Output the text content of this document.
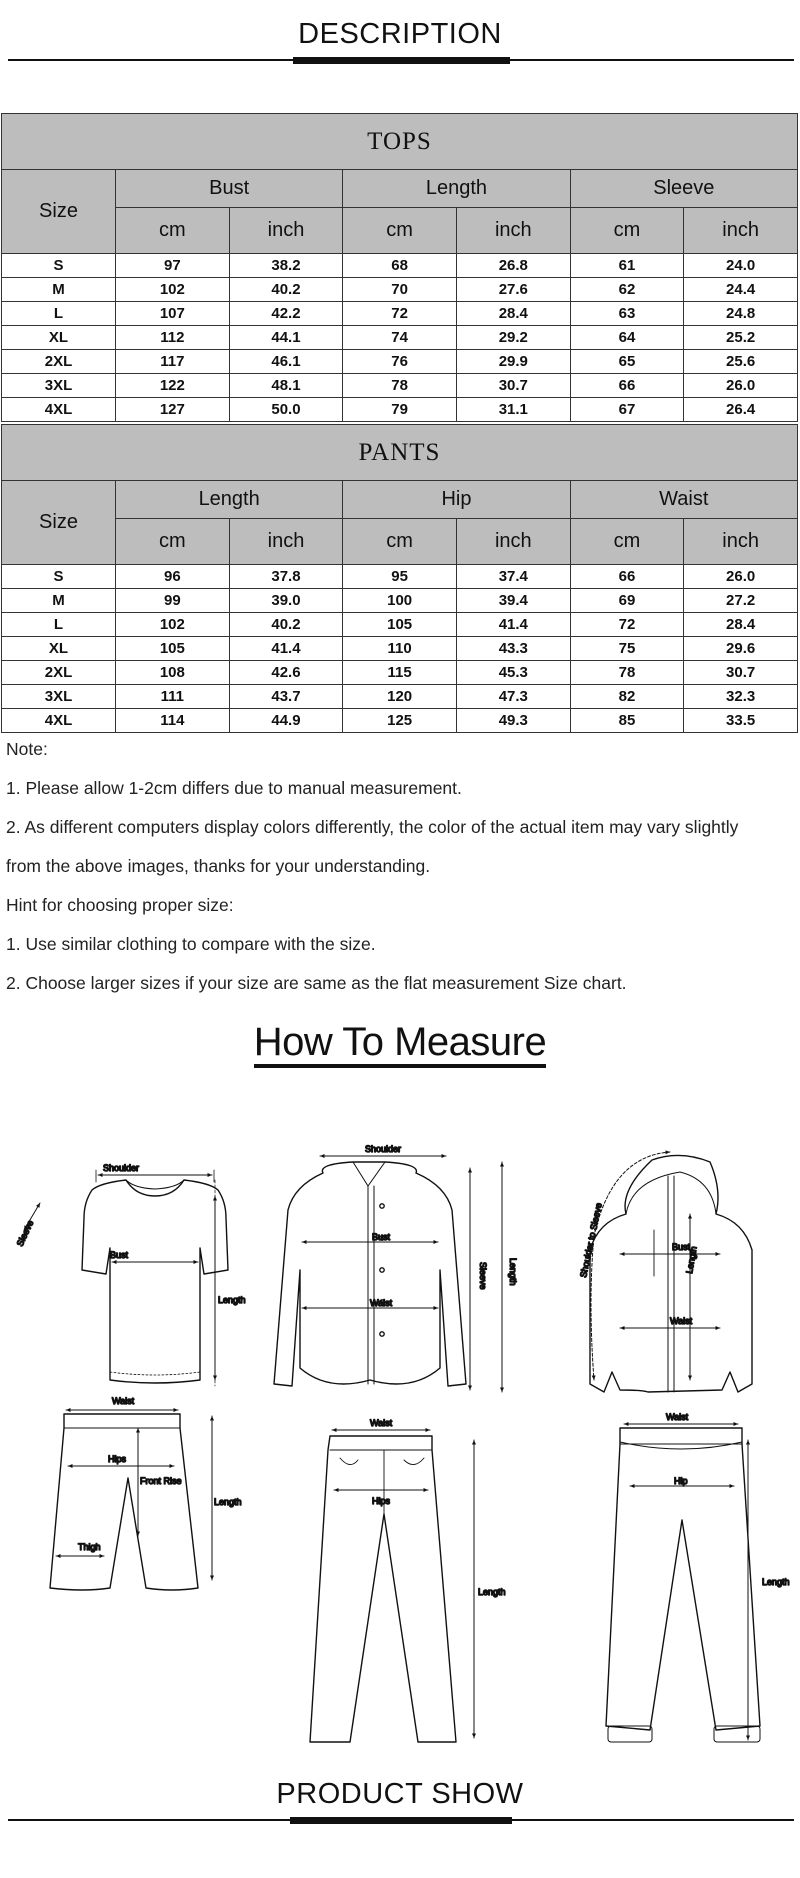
DESCRIPTION
TOPS						
Size	Bust		Length		Sleeve	
	cm	inch	cm	inch	cm	inch
S	97	38.2	68	26.8	61	24.0
M	102	40.2	70	27.6	62	24.4
L	107	42.2	72	28.4	63	24.8
XL	112	44.1	74	29.2	64	25.2
2XL	117	46.1	76	29.9	65	25.6
3XL	122	48.1	78	30.7	66	26.0
4XL	127	50.0	79	31.1	67	26.4
PANTS						
Size	Length		Hip		Waist	
	cm	inch	cm	inch	cm	inch
S	96	37.8	95	37.4	66	26.0
M	99	39.0	100	39.4	69	27.2
L	102	40.2	105	41.4	72	28.4
XL	105	41.4	110	43.3	75	29.6
2XL	108	42.6	115	45.3	78	30.7
3XL	111	43.7	120	47.3	82	32.3
4XL	114	44.9	125	49.3	85	33.5

Note:

1. Please allow 1-2cm differs due to manual measurement.

2. As different computers display colors differently, the color of the actual item may vary slightly

from the above images, thanks for your understanding.

Hint for choosing proper size:

1. Use similar clothing to compare with the size.

2. Choose larger sizes if your size are same as the flat measurement Size chart.

How To Measure
Shoulder
Bust
Length
Sleeve
Shoulder
Bust
Waist
Sleeve Length	Shoulder to Sleeve	Bust
Length
Waist
Waist
Hips
Front Rise
Thigh
Length
Waist
Hips
Length
Waist
Hip
Length
PRODUCT SHOW
